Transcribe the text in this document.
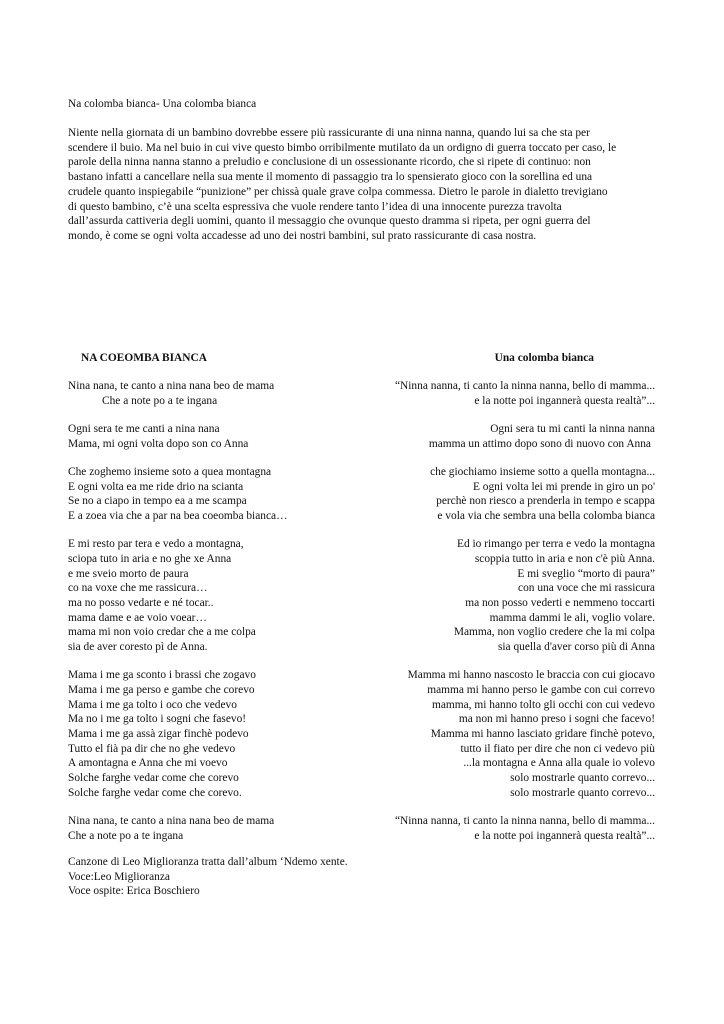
Na colomba bianca- Una colomba bianca
Niente nella giornata di un bambino dovrebbe essere più rassicurante di una ninna nanna, quando lui sa che sta per
scendere il buio. Ma nel buio in cui vive questo bimbo orribilmente mutilato da un ordigno di guerra toccato per caso, le
parole della ninna nanna stanno a preludio e conclusione di un ossessionante ricordo, che si ripete di continuo: non
bastano infatti a cancellare nella sua mente il momento di passaggio tra lo spensierato gioco con la sorellina ed una
crudele quanto inspiegabile “punizione” per chissà quale grave colpa commessa. Dietro le parole in dialetto trevigiano
di questo bambino, c’è una scelta espressiva che vuole rendere tanto l’idea di una innocente purezza travolta
dall’assurda cattiveria degli uomini, quanto il messaggio che ovunque questo dramma si ripeta, per ogni guerra del
mondo, è come se ogni volta accadesse ad uno dei nostri bambini, sul prato rassicurante di casa nostra.
NA COEOMBA BIANCA	Una colomba bianca
Nina nana, te canto a nina nana beo de mama
Che a note po a te ingana
Ogni sera te me canti a nina nana
Mama, mi ogni volta dopo son co Anna
Che zoghemo insieme soto a quea montagna
E ogni volta ea me ride drio na scianta
Se no a ciapo in tempo ea a me scampa
E a zoea via che a par na bea coeomba bianca…
E mi resto par tera e vedo a montagna,
sciopa tuto in aria e no ghe xe Anna
e me sveio morto de paura
co na voxe che me rassicura…
ma no posso vedarte e né tocar..
mama dame e ae voio voear…
mama mi non voio credar che a me colpa
sia de aver coresto pì de Anna.
Mama i me ga sconto i brassi che zogavo
Mama i me ga perso e gambe che corevo
Mama i me ga tolto i oco che vedevo
Ma no i me ga tolto i sogni che fasevo!
Mama i me ga assà zigar finchè podevo
Tutto el fià pa dir che no ghe vedevo
A amontagna e Anna che mi voevo
Solche farghe vedar come che corevo
Solche farghe vedar come che corevo.
Nina nana, te canto a nina nana beo de mama
Che a note po a te ingana
“Ninna nanna, ti canto la ninna nanna, bello di mamma...
e la notte poi ingannerà questa realtà”...
Ogni sera tu mi canti la ninna nanna
mamma un attimo dopo sono di nuovo con Anna
che giochiamo insieme sotto a quella montagna...
E ogni volta lei mi prende in giro un po'
perchè non riesco a prenderla in tempo e scappa
e vola via che sembra una bella colomba bianca
Ed io rimango per terra e vedo la montagna
scoppia tutto in aria e non c'è più Anna.
E mi sveglio “morto di paura”
con una voce che mi rassicura
ma non posso vederti e nemmeno toccarti
mamma dammi le ali, voglio volare.
Mamma, non voglio credere che la mi colpa
sia quella d'aver corso più di Anna
Mamma mi hanno nascosto le braccia con cui giocavo
mamma mi hanno perso le gambe con cui correvo
mamma, mi hanno tolto gli occhi con cui vedevo
ma non mi hanno preso i sogni che facevo!
Mamma mi hanno lasciato gridare finchè potevo,
tutto il fiato per dire che non ci vedevo più
...la montagna e Anna alla quale io volevo
solo mostrarle quanto correvo...
solo mostrarle quanto correvo...
“Ninna nanna, ti canto la ninna nanna, bello di mamma...
e la notte poi ingannerà questa realtà”...
Canzone di Leo Miglioranza tratta dall’album ‘Ndemo xente.
Voce:Leo Miglioranza
Voce ospite: Erica Boschiero
